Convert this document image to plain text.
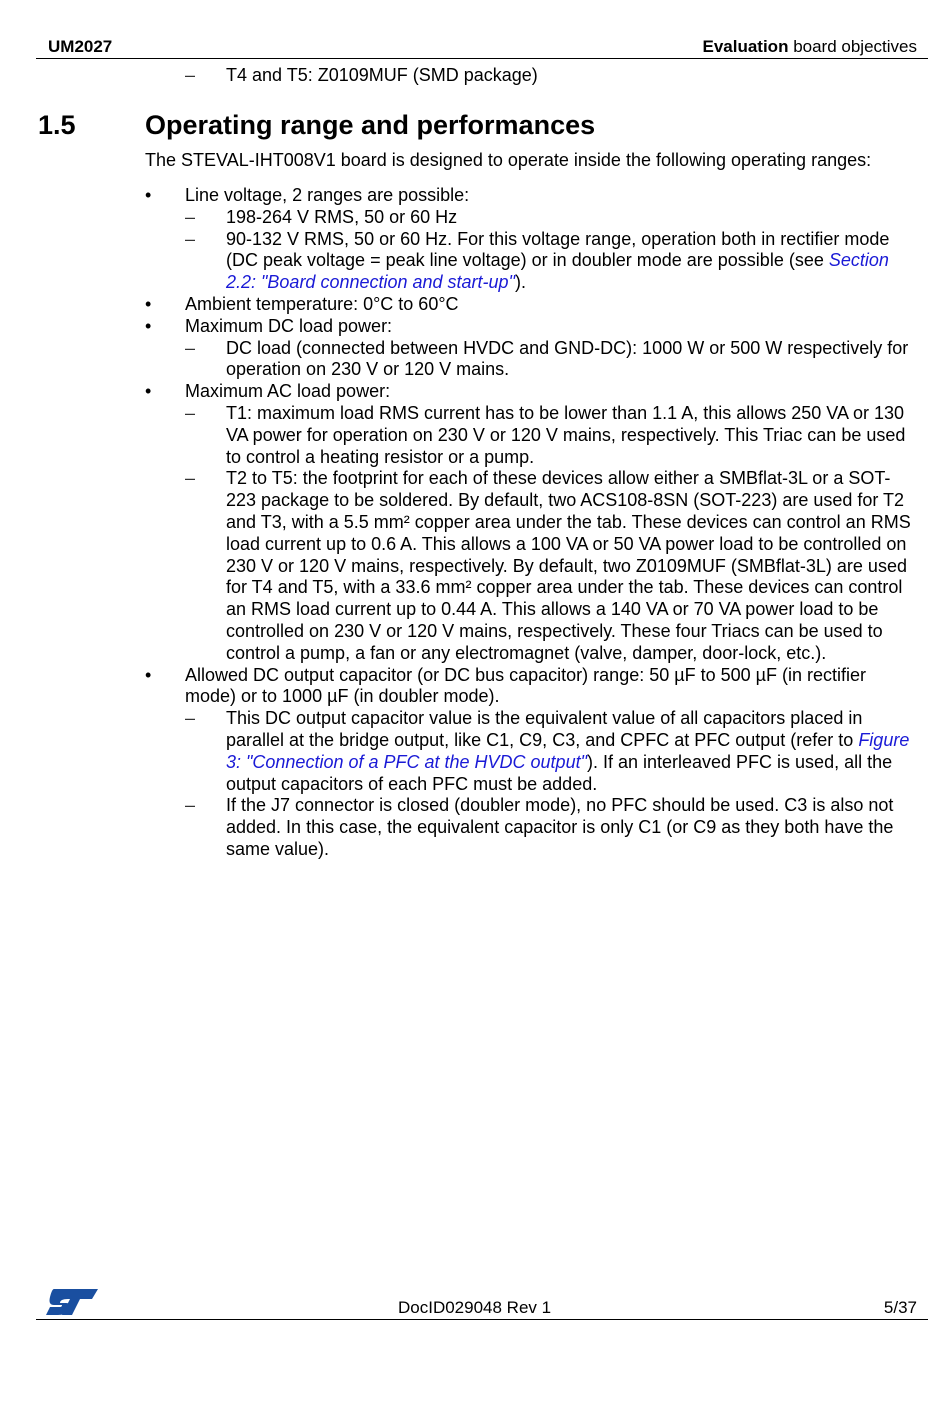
UM2027	Evaluation board objectives
– T4 and T5: Z0109MUF (SMD package)
1.5	Operating range and performances
The STEVAL-IHT008V1 board is designed to operate inside the following operating ranges:
•	Line voltage, 2 ranges are possible:
–	198-264 V RMS, 50 or 60 Hz
–	90-132 V RMS, 50 or 60 Hz. For this voltage range, operation both in rectifier mode (DC peak voltage = peak line voltage) or in doubler mode are possible (see Section 2.2: "Board connection and start-up").
•	Ambient temperature: 0°C to 60°C
•	Maximum DC load power:
–	DC load (connected between HVDC and GND-DC): 1000 W or 500 W respectively for operation on 230 V or 120 V mains.
•	Maximum AC load power:
–	T1: maximum load RMS current has to be lower than 1.1 A, this allows 250 VA or 130 VA power for operation on 230 V or 120 V mains, respectively. This Triac can be used to control a heating resistor or a pump.
–	T2 to T5: the footprint for each of these devices allow either a SMBflat-3L or a SOT-223 package to be soldered. By default, two ACS108-8SN (SOT-223) are used for T2 and T3, with a 5.5 mm² copper area under the tab. These devices can control an RMS load current up to 0.6 A. This allows a 100 VA or 50 VA power load to be controlled on 230 V or 120 V mains, respectively. By default, two Z0109MUF (SMBflat-3L) are used for T4 and T5, with a 33.6 mm² copper area under the tab. These devices can control an RMS load current up to 0.44 A. This allows a 140 VA or 70 VA power load to be controlled on 230 V or 120 V mains, respectively. These four Triacs can be used to control a pump, a fan or any electromagnet (valve, damper, door-lock, etc.).
•	Allowed DC output capacitor (or DC bus capacitor) range: 50 µF to 500 µF (in rectifier mode) or to 1000 µF (in doubler mode).
–	This DC output capacitor value is the equivalent value of all capacitors placed in parallel at the bridge output, like C1, C9, C3, and CPFC at PFC output (refer to Figure 3: "Connection of a PFC at the HVDC output"). If an interleaved PFC is used, all the output capacitors of each PFC must be added.
–	If the J7 connector is closed (doubler mode), no PFC should be used. C3 is also not added. In this case, the equivalent capacitor is only C1 (or C9 as they both have the same value).
DocID029048 Rev 1	5/37
